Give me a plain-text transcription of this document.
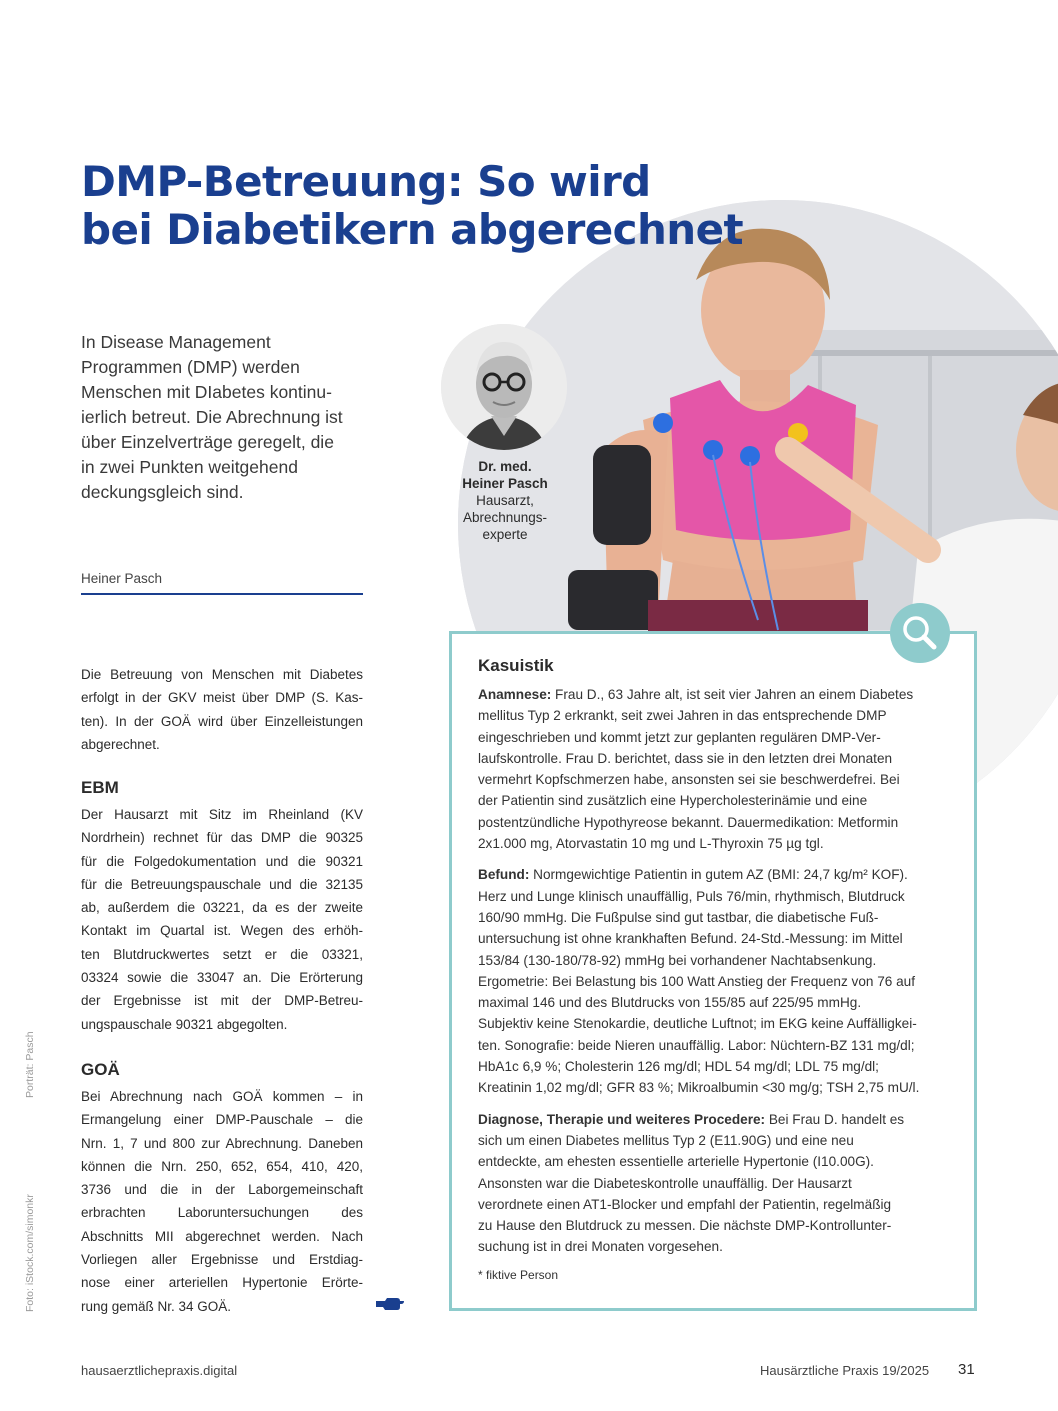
DMP-Betreuung: So wird
bei Diabetikern abgerechnet
In Disease Management
Programmen (DMP) werden
Menschen mit DIabetes kontinu-
ierlich betreut. Die Abrechnung ist
über Einzelverträge geregelt, die
in zwei Punkten weitgehend
deckungsgleich sind.
Dr. med.
Heiner Pasch
Hausarzt,
Abrechnungs-
experte
Heiner Pasch
Die Betreuung von Menschen mit Diabetes
erfolgt in der GKV meist über DMP (S. Kas-
ten). In der GOÄ wird über Einzelleistungen
abgerechnet.
EBM
Der Hausarzt mit Sitz im Rheinland (KV
Nordrhein) rechnet für das DMP die 90325
für die Folgedokumentation und die 90321
für die Betreuungspauschale und die 32135
ab, außerdem die 03221, da es der zweite
Kontakt im Quartal ist. Wegen des erhöh-
ten Blutdruckwertes setzt er die 03321,
03324 sowie die 33047 an. Die Erörterung
der Ergebnisse ist mit der DMP-Betreu-
ungspauschale 90321 abgegolten.
GOÄ
Bei Abrechnung nach GOÄ kommen – in
Ermangelung einer DMP-Pauschale – die
Nrn. 1, 7 und 800 zur Abrechnung. Daneben
können die Nrn. 250, 652, 654, 410, 420,
3736 und die in der Laborgemeinschaft
erbrachten Laboruntersuchungen des
Abschnitts MII abgerechnet werden. Nach
Vorliegen aller Ergebnisse und Erstdiag-
nose einer arteriellen Hypertonie Erörte-
rung gemäß Nr. 34 GOÄ.
Kasuistik
Anamnese: Frau D., 63 Jahre alt, ist seit vier Jahren an einem Diabetes
mellitus Typ 2 erkrankt, seit zwei Jahren in das entsprechende DMP
eingeschrieben und kommt jetzt zur geplanten regulären DMP-Ver-
laufskontrolle. Frau D. berichtet, dass sie in den letzten drei Monaten
vermehrt Kopfschmerzen habe, ansonsten sei sie beschwerdefrei. Bei
der Patientin sind zusätzlich eine Hypercholesterinämie und eine
postentzündliche Hypothyreose bekannt. Dauermedikation: Metformin
2x1.000 mg, Atorvastatin 10 mg und L-Thyroxin 75 µg tgl.
Befund: Normgewichtige Patientin in gutem AZ (BMI: 24,7 kg/m² KOF).
Herz und Lunge klinisch unauffällig, Puls 76/min, rhythmisch, Blutdruck
160/90 mmHg. Die Fußpulse sind gut tastbar, die diabetische Fuß-
untersuchung ist ohne krankhaften Befund. 24-Std.-Messung: im Mittel
153/84 (130-180/78-92) mmHg bei vorhandener Nachtabsenkung.
Ergometrie: Bei Belastung bis 100 Watt Anstieg der Frequenz von 76 auf
maximal 146 und des Blutdrucks von 155/85 auf 225/95 mmHg.
Subjektiv keine Stenokardie, deutliche Luftnot; im EKG keine Auffälligkei-
ten. Sonografie: beide Nieren unauffällig. Labor: Nüchtern-BZ 131 mg/dl;
HbA1c 6,9 %; Cholesterin 126 mg/dl; HDL 54 mg/dl; LDL 75 mg/dl;
Kreatinin 1,02 mg/dl; GFR 83 %; Mikroalbumin <30 mg/g; TSH 2,75 mU/l.
Diagnose, Therapie und weiteres Procedere: Bei Frau D. handelt es
sich um einen Diabetes mellitus Typ 2 (E11.90G) und eine neu
entdeckte, am ehesten essentielle arterielle Hypertonie (I10.00G).
Ansonsten war die Diabeteskontrolle unauffällig. Der Hausarzt
verordnete einen AT1-Blocker und empfahl der Patientin, regelmäßig
zu Hause den Blutdruck zu messen. Die nächste DMP-Kontrollunter-
suchung ist in drei Monaten vorgesehen.
* fiktive Person
Porträt: Pasch
Foto: iStock.com/simonkr
hausaerztlichepraxis.digital	Hausärztliche Praxis 19/2025 31
